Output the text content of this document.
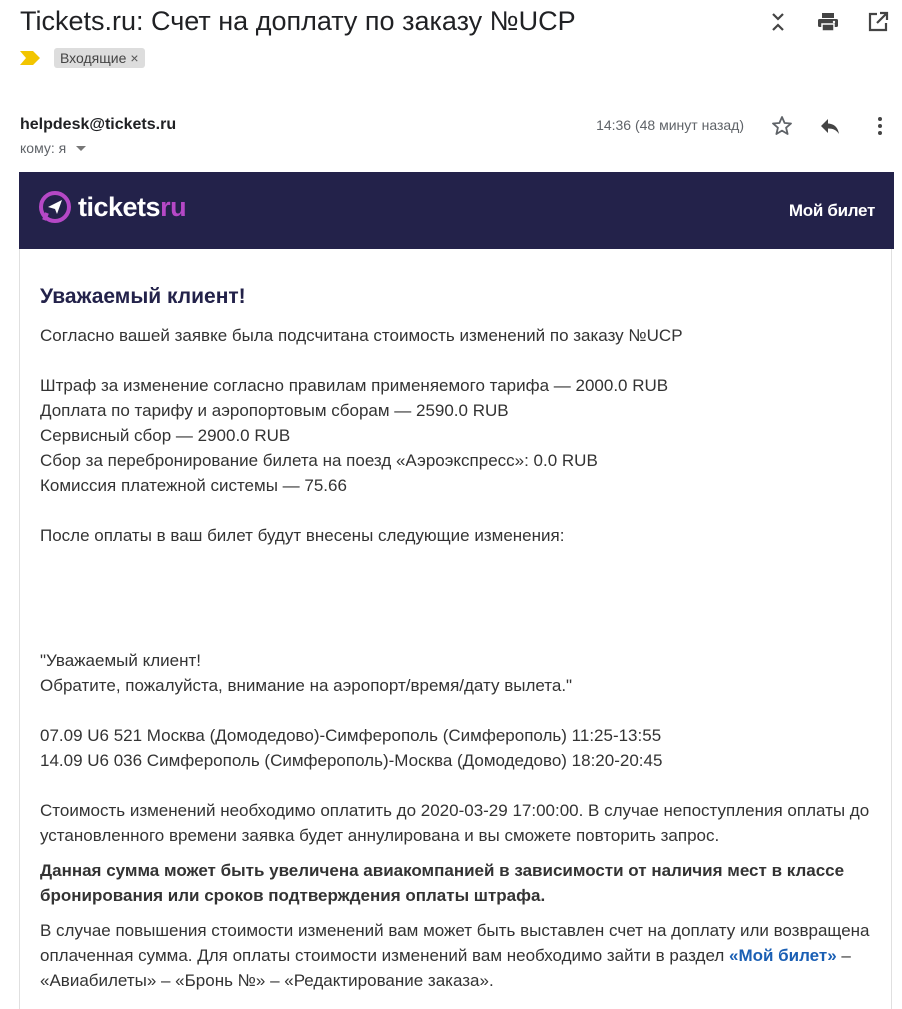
Tickets.ru: Счет на доплату по заказу №UCP
Входящие ×
helpdesk@tickets.ru	14:36 (48 минут назад)
кому: я
ticketsru	Мой билет
Уважаемый клиент!

Согласно вашей заявке была подсчитана стоимость изменений по заказу №UCP

Штраф за изменение согласно правилам применяемого тарифа — 2000.0 RUB

Доплата по тарифу и аэропортовым сборам — 2590.0 RUB

Сервисный сбор — 2900.0 RUB

Сбор за перебронирование билета на поезд «Аэроэкспресс»: 0.0 RUB

Комиссия платежной системы — 75.66

После оплаты в ваш билет будут внесены следующие изменения:

"Уважаемый клиент!

Обратите, пожалуйста, внимание на аэропорт/время/дату вылета."

07.09 U6 521 Москва (Домодедово)-Симферополь (Симферополь) 11:25-13:55

14.09 U6 036 Симферополь (Симферополь)-Москва (Домодедово) 18:20-20:45

Стоимость изменений необходимо оплатить до 2020-03-29 17:00:00. В случае непоступления оплаты до установленного времени заявка будет аннулирована и вы сможете повторить запрос.

Данная сумма может быть увеличена авиакомпанией в зависимости от наличия мест в классе бронирования или сроков подтверждения оплаты штрафа.

В случае повышения стоимости изменений вам может быть выставлен счет на доплату или возвращена оплаченная сумма. Для оплаты стоимости изменений вам необходимо зайти в раздел «Мой билет» – «Авиабилеты» – «Бронь №» – «Редактирование заказа».
